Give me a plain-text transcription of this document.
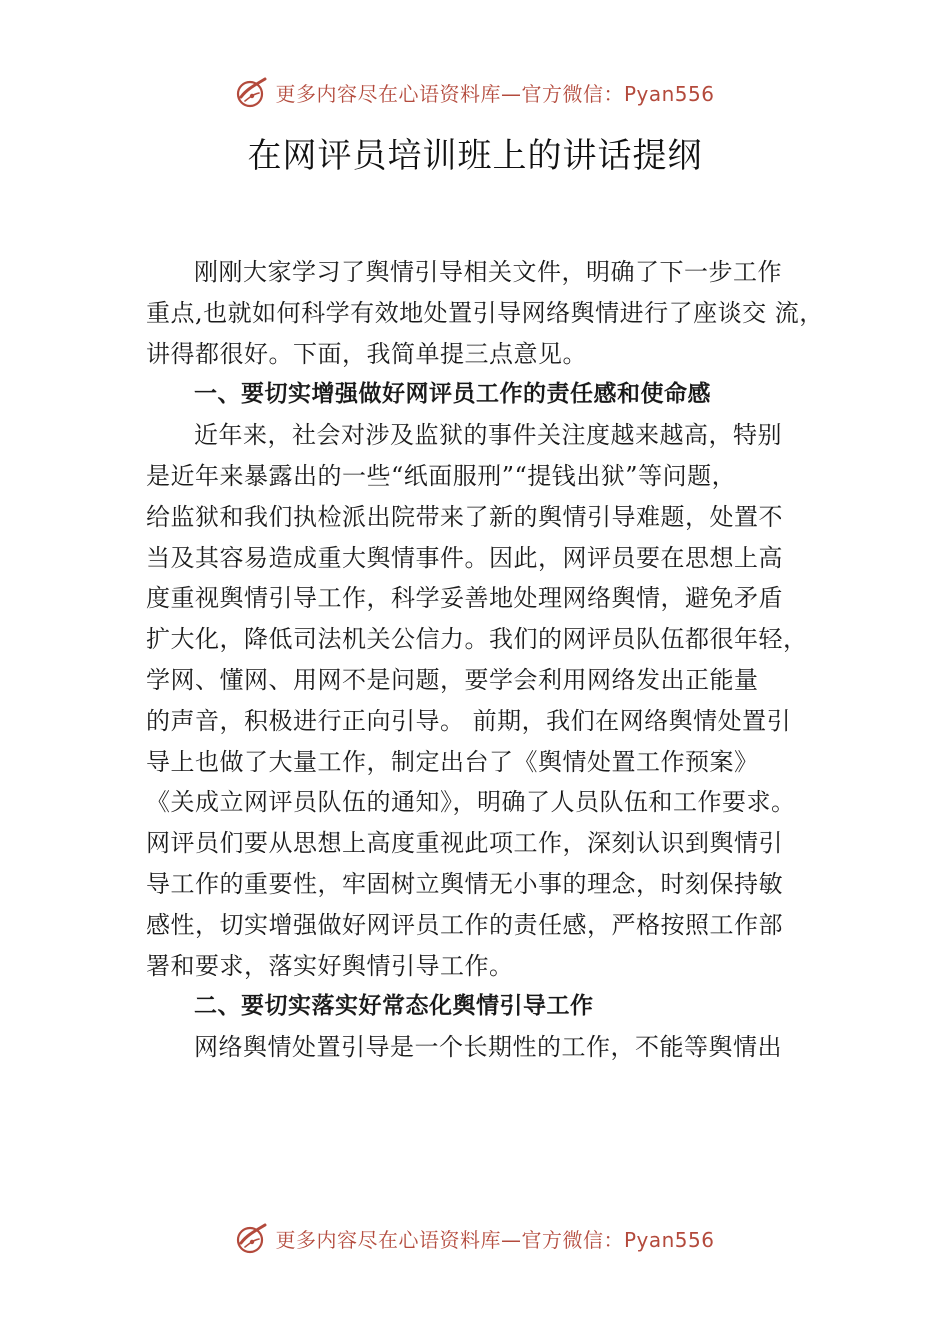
更多内容尽在心语资料库—官方微信：Pyan556
在网评员培训班上的讲话提纲
刚刚大家学习了舆情引导相关文件，明确了下一步工作
重点,也就如何科学有效地处置引导网络舆情进行了座谈交 流，
讲得都很好。下面，我简单提三点意见。
一、要切实增强做好网评员工作的责任感和使命感
近年来，社会对涉及监狱的事件关注度越来越高，特别
是近年来暴露出的一些“纸面服刑”“提钱出狱”等问题，
给监狱和我们执检派出院带来了新的舆情引导难题，处置不
当及其容易造成重大舆情事件。因此，网评员要在思想上高
度重视舆情引导工作，科学妥善地处理网络舆情，避免矛盾
扩大化，降低司法机关公信力。我们的网评员队伍都很年轻，
学网、懂网、用网不是问题，要学会利用网络发出正能量
的声音，积极进行正向引导。 前期，我们在网络舆情处置引
导上也做了大量工作，制定出台了《舆情处置工作预案》
《关成立网评员队伍的通知》，明确了人员队伍和工作要求。
网评员们要从思想上高度重视此项工作，深刻认识到舆情引
导工作的重要性，牢固树立舆情无小事的理念，时刻保持敏
感性，切实增强做好网评员工作的责任感，严格按照工作部
署和要求，落实好舆情引导工作。
二、要切实落实好常态化舆情引导工作
网络舆情处置引导是一个长期性的工作，不能等舆情出
更多内容尽在心语资料库—官方微信：Pyan556
